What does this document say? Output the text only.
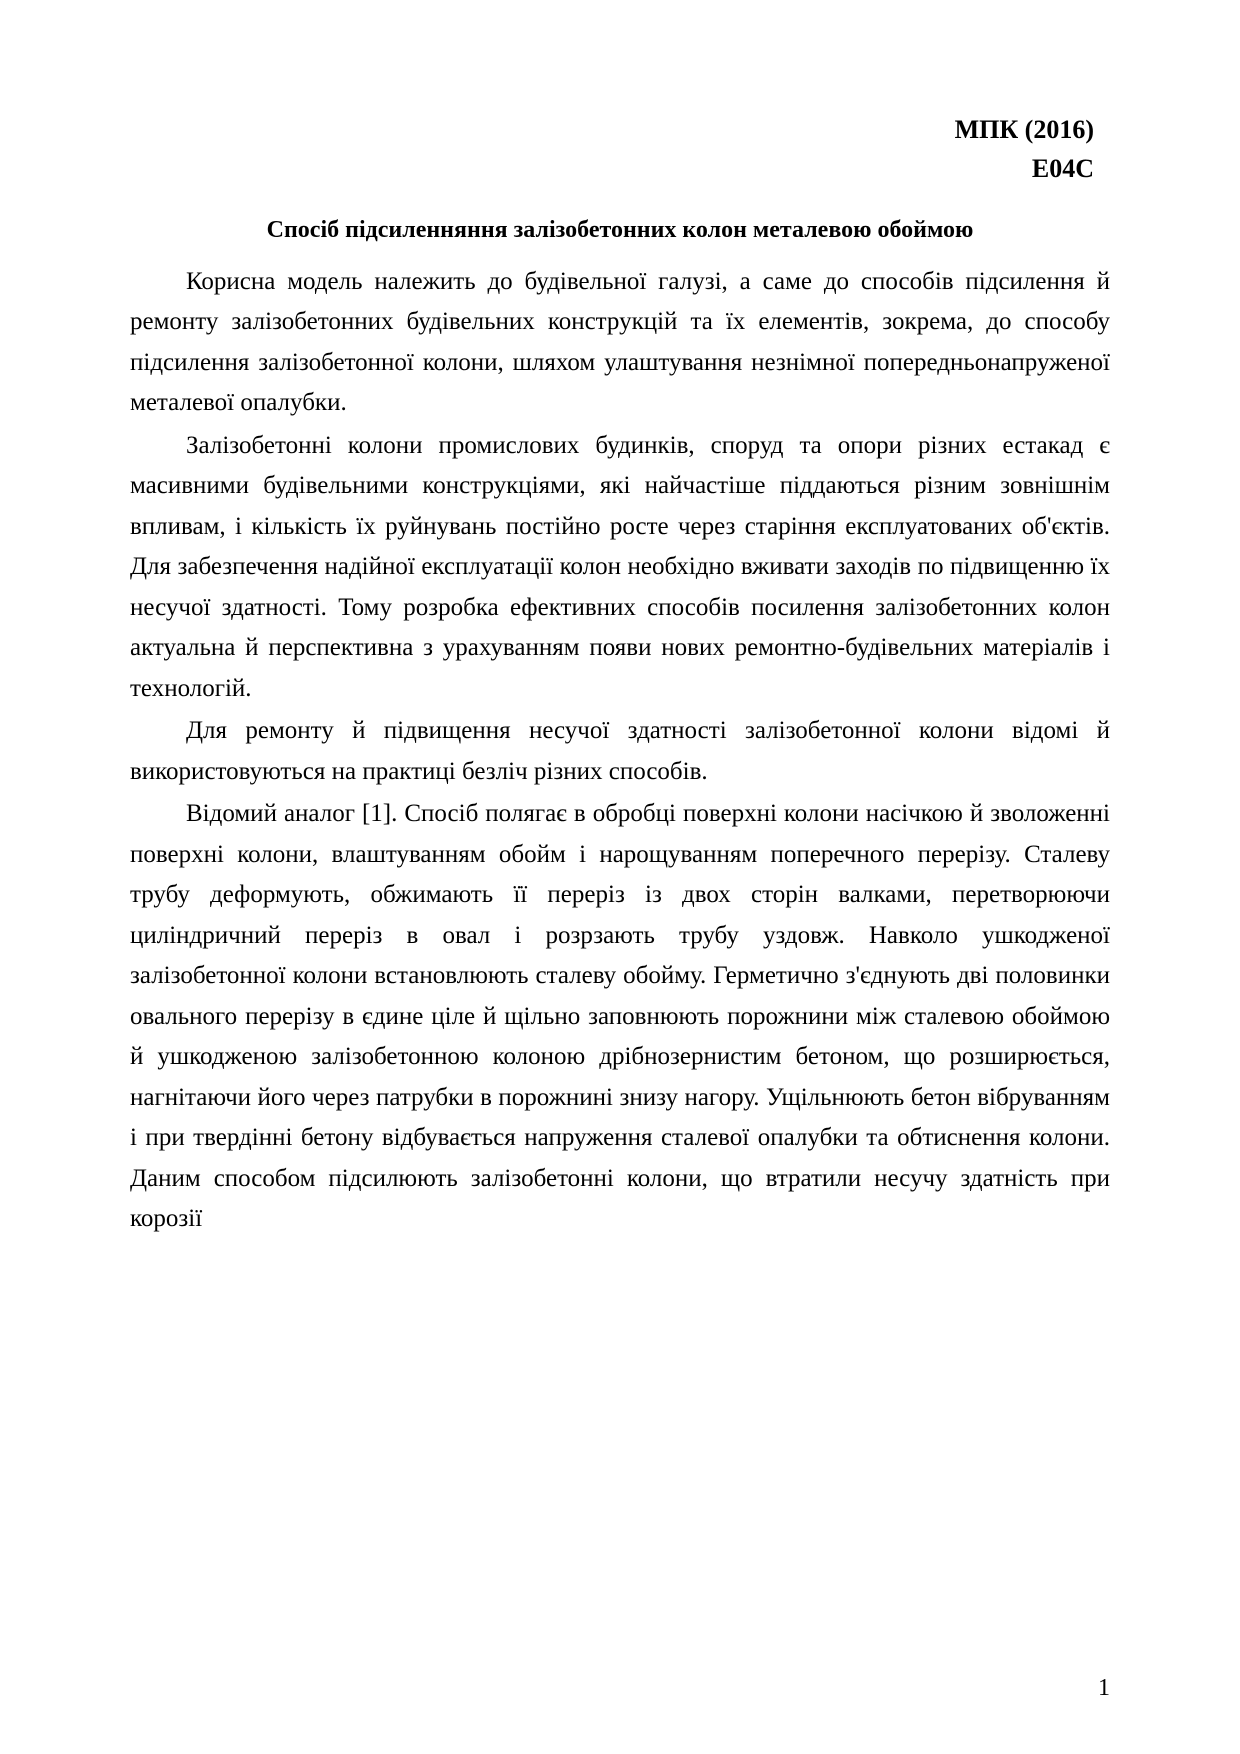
МПК (2016)
E04C
Спосіб підсиленняння залізобетонних колон металевою обоймою

Корисна модель належить до будівельної галузі, а саме до способів підсилення й ремонту залізобетонних будівельних конструкцій та їх елементів, зокрема, до способу підсилення залізобетонної колони, шляхом улаштування незнімної попередньонапруженої металевої опалубки.

Залізобетонні колони промислових будинків, споруд та опори різних естакад є масивними будівельними конструкціями, які найчастіше піддаються різним зовнішнім впливам, і кількість їх руйнувань постійно росте через старіння експлуатованих об'єктів. Для забезпечення надійної експлуатації колон необхідно вживати заходів по підвищенню їх несучої здатності. Тому розробка ефективних способів посилення залізобетонних колон актуальна й перспективна з урахуванням появи нових ремонтно-будівельних матеріалів і технологій.

Для ремонту й підвищення несучої здатності залізобетонної колони відомі й використовуються на практиці безліч різних способів.

Відомий аналог [1]. Спосіб полягає в обробці поверхні колони насічкою й зволоженні поверхні колони, влаштуванням обойм і нарощуванням поперечного перерізу. Сталеву трубу деформують, обжимають її переріз із двох сторін валками, перетворюючи циліндричний переріз в овал і розрзають трубу уздовж. Навколо ушкодженої залізобетонної колони встановлюють сталеву обойму. Герметично з'єднують дві половинки овального перерізу в єдине ціле й щільно заповнюють порожнини між сталевою обоймою й ушкодженою залізобетонною колоною дрібнозернистим бетоном, що розширюється, нагнітаючи його через патрубки в порожнині знизу нагору. Ущільнюють бетон вібруванням і при твердінні бетону відбувається напруження сталевої опалубки та обтиснення колони. Даним способом підсилюють залізобетонні колони, що втратили несучу здатність при корозії

1
